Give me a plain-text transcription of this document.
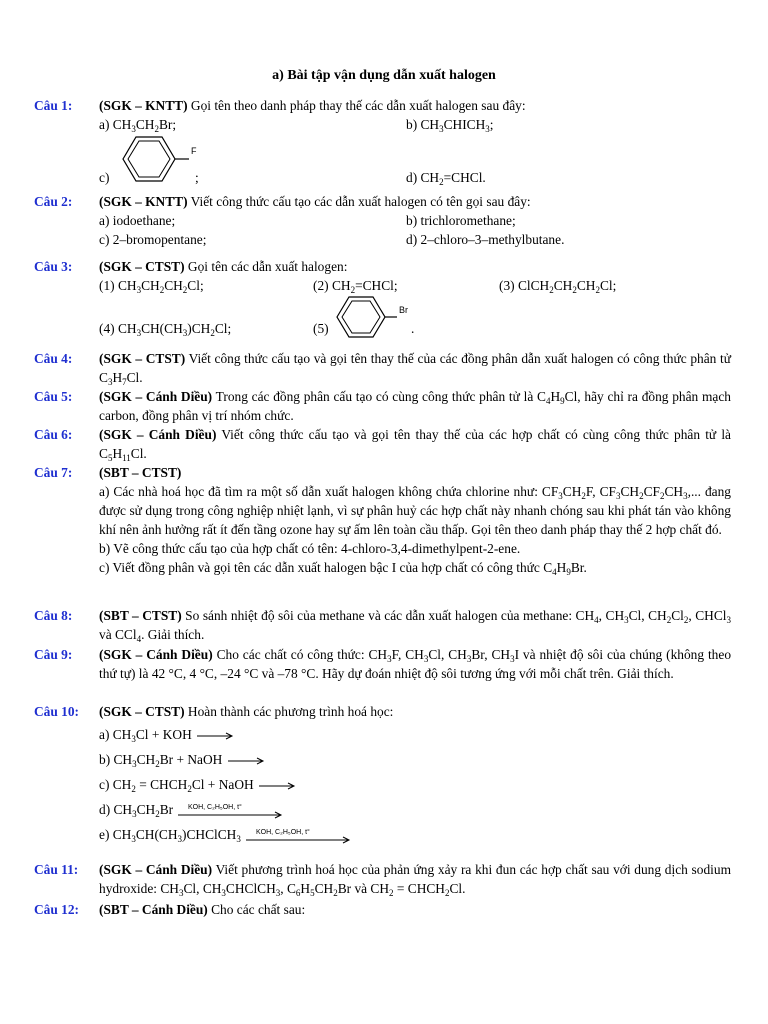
a) Bài tập vận dụng dẫn xuất halogen
Câu 1: (SGK – KNTT) Gọi tên theo danh pháp thay thế các dẫn xuất halogen sau đây:
a) $CH_3CH_2Br$;	b) $CH_3CHICH_3$;
c)
F
;	d) $CH_2=CHCl$.
Câu 2: (SGK – KNTT) Viết công thức cấu tạo các dẫn xuất halogen có tên gọi sau đây:
a) iodoethane;	b) trichloromethane;
c) 2–bromopentane;	d) 2–chloro–3–methylbutane.
Câu 3: (SGK – CTST) Gọi tên các dẫn xuất halogen:
(1) $CH_3CH_2CH_2Cl$;	(2) $CH_2=CHCl$;	(3) $ClCH_2CH_2CH_2Cl$;
(4) $CH_3CH(CH_3)CH_2Cl$;	(5)
Br
.
Câu 4: (SGK – CTST) Viết công thức cấu tạo và gọi tên thay thế của các đồng phân dẫn xuất halogen có công thức phân tử $C_3H_7Cl$.

Câu 5: (SGK – Cánh Diều) Trong các đồng phân cấu tạo có cùng công thức phân tử là $C_4H_9Cl$, hãy chỉ ra đồng phân mạch carbon, đồng phân vị trí nhóm chức.

Câu 6: (SGK – Cánh Diều) Viết công thức cấu tạo và gọi tên thay thế của các hợp chất có cùng công thức phân tử là $C_5H_{11}Cl$.

Câu 7: (SBT – CTST)

a) Các nhà hoá học đã tìm ra một số dẫn xuất halogen không chứa chlorine như: $CF_3CH_2F$, $CF_3CH_2CF_2CH_3$,... đang được sử dụng trong công nghiệp nhiệt lạnh, vì sự phân huỷ các hợp chất này nhanh chóng sau khi phát tán vào không khí nên ảnh hưởng rất ít đến tầng ozone hay sự ấm lên toàn cầu thấp. Gọi tên theo danh pháp thay thế 2 hợp chất đó.

b) Vẽ công thức cấu tạo của hợp chất có tên: 4-chloro-3,4-dimethylpent-2-ene.

c) Viết đồng phân và gọi tên các dẫn xuất halogen bậc I của hợp chất có công thức $C_4H_9Br$.

Câu 8: (SBT – CTST) So sánh nhiệt độ sôi của methane và các dẫn xuất halogen của methane: $CH_4$, $CH_3Cl$, $CH_2Cl_2$, CHCl$_3$ và CCl$_4$. Giải thích.

Câu 9: (SGK – Cánh Diều) Cho các chất có công thức: $CH_3F$, $CH_3Cl$, $CH_3Br$, $CH_3I$ và nhiệt độ sôi của chúng (không theo thứ tự) là 42 °C, 4 °C, –24 °C và –78 °C. Hãy dự đoán nhiệt độ sôi tương ứng với mỗi chất trên. Giải thích.

Câu 10: (SGK – CTST) Hoàn thành các phương trình hoá học:
a) $CH_3Cl$ + KOH
b) $CH_3CH_2Br$ + NaOH
c) $CH_2$ = $CHCH_2Cl$ + NaOH
d) $CH_3CH_2Br$ KOH, C₂H₅OH, t°
e) $CH_3CH(CH_3)CHClCH_3$
KOH, C₂H₅OH, t°
Câu 11: (SGK – Cánh Diều) Viết phương trình hoá học của phản ứng xảy ra khi đun các hợp chất sau với dung dịch sodium hydroxide: $CH_3Cl$, $CH_3CHClCH_3$, $C_6H_5CH_2Br$ và $CH_2$ = $CHCH_2Cl$.

Câu 12: (SBT – Cánh Diều) Cho các chất sau:
